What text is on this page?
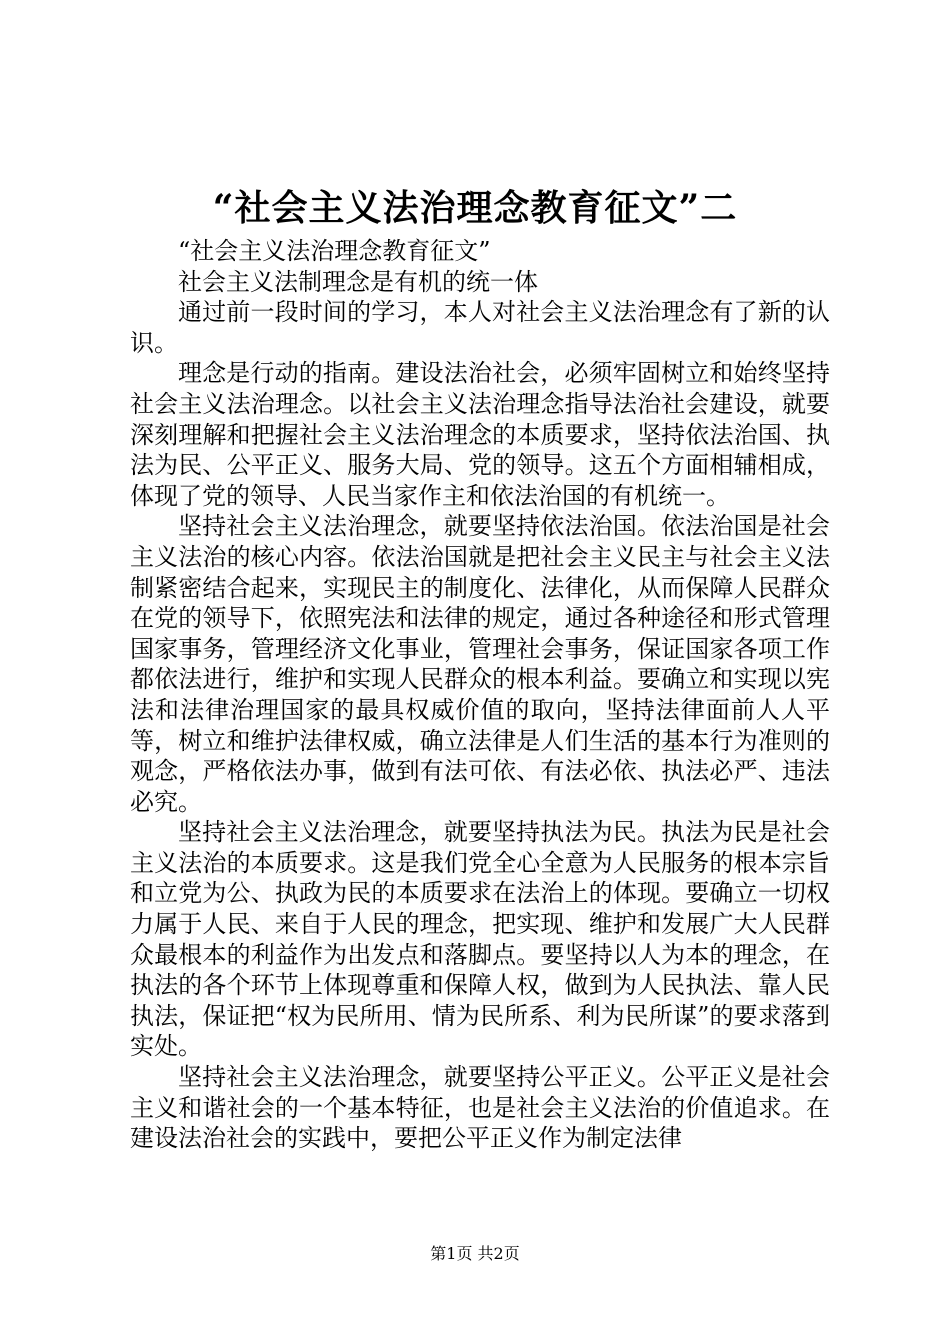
“社会主义法治理念教育征文”二

“社会主义法治理念教育征文”

社会主义法制理念是有机的统一体

通过前一段时间的学习，本人对社会主义法治理念有了新的认识。

理念是行动的指南。建设法治社会，必须牢固树立和始终坚持社会主义法治理念。以社会主义法治理念指导法治社会建设，就要深刻理解和把握社会主义法治理念的本质要求，坚持依法治国、执法为民、公平正义、服务大局、党的领导。这五个方面相辅相成，体现了党的领导、人民当家作主和依法治国的有机统一。

坚持社会主义法治理念，就要坚持依法治国。依法治国是社会主义法治的核心内容。依法治国就是把社会主义民主与社会主义法制紧密结合起来，实现民主的制度化、法律化，从而保障人民群众在党的领导下，依照宪法和法律的规定，通过各种途径和形式管理国家事务，管理经济文化事业，管理社会事务，保证国家各项工作都依法进行，维护和实现人民群众的根本利益。要确立和实现以宪法和法律治理国家的最具权威价值的取向，坚持法律面前人人平等，树立和维护法律权威，确立法律是人们生活的基本行为准则的观念，严格依法办事，做到有法可依、有法必依、执法必严、违法必究。

坚持社会主义法治理念，就要坚持执法为民。执法为民是社会主义法治的本质要求。这是我们党全心全意为人民服务的根本宗旨和立党为公、执政为民的本质要求在法治上的体现。要确立一切权力属于人民、来自于人民的理念，把实现、维护和发展广大人民群众最根本的利益作为出发点和落脚点。要坚持以人为本的理念，在执法的各个环节上体现尊重和保障人权，做到为人民执法、靠人民执法，保证把“权为民所用、情为民所系、利为民所谋”的要求落到实处。

坚持社会主义法治理念，就要坚持公平正义。公平正义是社会主义和谐社会的一个基本特征，也是社会主义法治的价值追求。在建设法治社会的实践中，要把公平正义作为制定法律

第1页 共2页
